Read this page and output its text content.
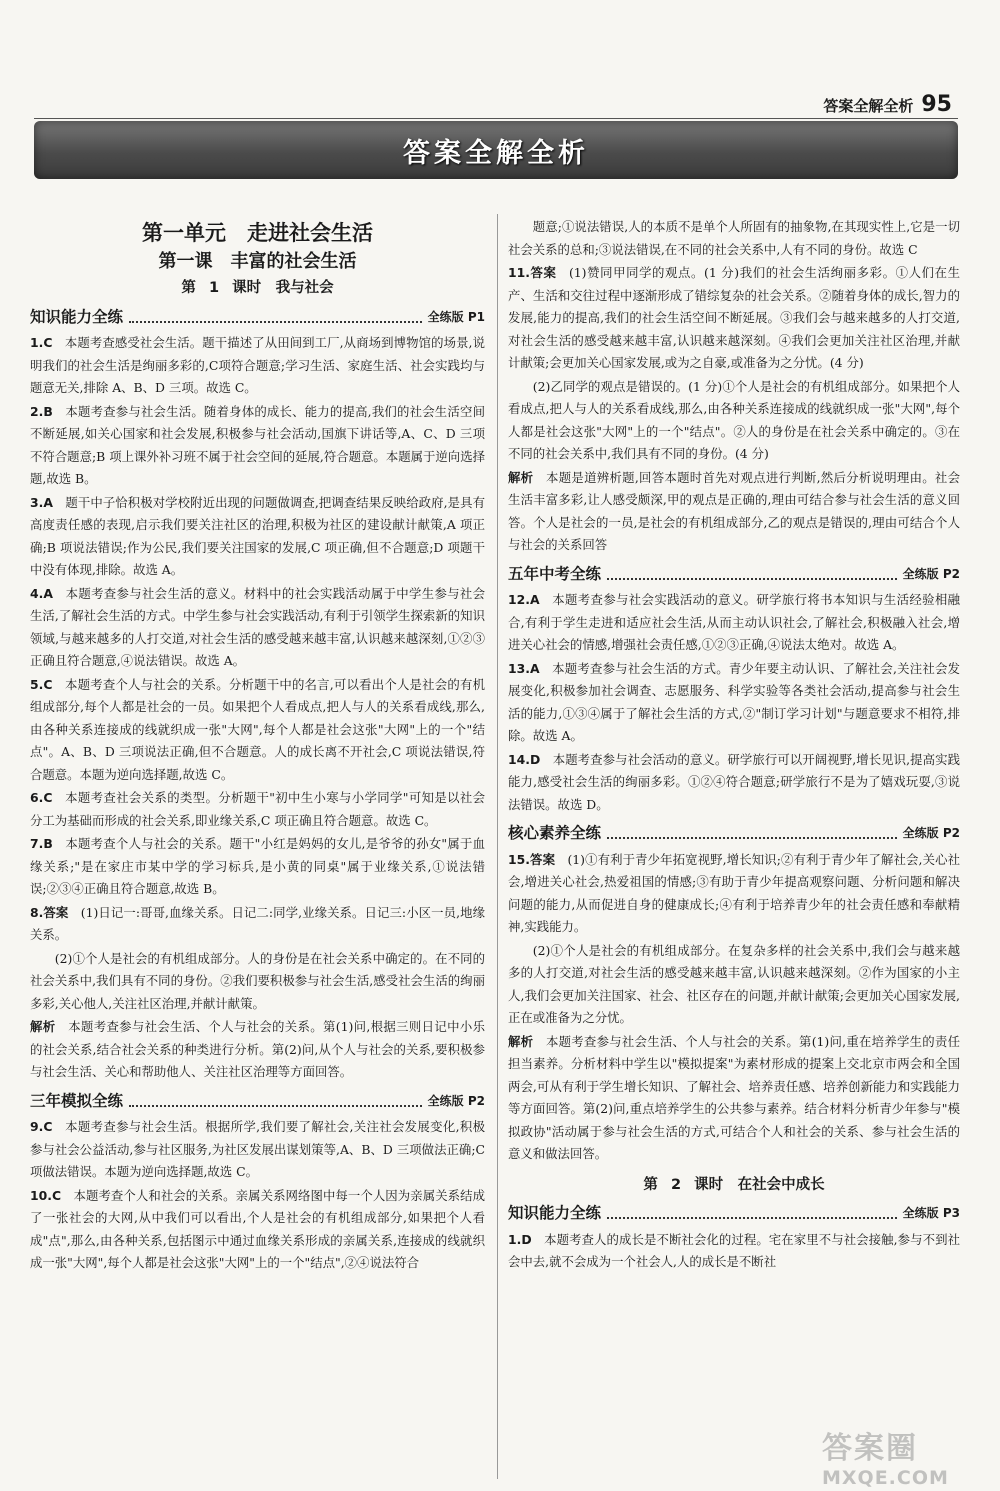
答案全解全析 95
答案全解全析
第一单元　走进社会生活
第一课　丰富的社会生活
第 1 课时　我与社会
知识能力全练	全练版 P1
1.C  本题考查感受社会生活。题干描述了从田间到工厂,从商场到博物馆的场景,说明我们的社会生活是绚丽多彩的,C项符合题意;学习生活、家庭生活、社会实践均与题意无关,排除 A、B、D 三项。故选 C。
2.B  本题考查参与社会生活。随着身体的成长、能力的提高,我们的社会生活空间不断延展,如关心国家和社会发展,积极参与社会活动,国旗下讲话等,A、C、D 三项不符合题意;B 项上课外补习班不属于社会空间的延展,符合题意。本题属于逆向选择题,故选 B。
3.A  题干中子恰积极对学校附近出现的问题做调查,把调查结果反映给政府,是具有高度责任感的表现,启示我们要关注社区的治理,积极为社区的建设献计献策,A 项正确;B 项说法错误;作为公民,我们要关注国家的发展,C 项正确,但不合题意;D 项题干中没有体现,排除。故选 A。
4.A  本题考查参与社会生活的意义。材料中的社会实践活动属于中学生参与社会生活,了解社会生活的方式。中学生参与社会实践活动,有利于引领学生探索新的知识领域,与越来越多的人打交道,对社会生活的感受越来越丰富,认识越来越深刻,①②③正确且符合题意,④说法错误。故选 A。
5.C  本题考查个人与社会的关系。分析题干中的名言,可以看出个人是社会的有机组成部分,每个人都是社会的一员。如果把个人看成点,把人与人的关系看成线,那么,由各种关系连接成的线就织成一张"大网",每个人都是社会这张"大网"上的一个"结点"。A、B、D 三项说法正确,但不合题意。人的成长离不开社会,C 项说法错误,符合题意。本题为逆向选择题,故选 C。
6.C  本题考查社会关系的类型。分析题干"初中生小寒与小学同学"可知是以社会分工为基础而形成的社会关系,即业缘关系,C 项正确且符合题意。故选 C。
7.B  本题考查个人与社会的关系。题干"小红是妈妈的女儿,是爷爷的孙女"属于血缘关系;"是在家庄市某中学的学习标兵,是小黄的同桌"属于业缘关系,①说法错误;②③④正确且符合题意,故选 B。
8.答案  (1)日记一:哥哥,血缘关系。日记二:同学,业缘关系。日记三:小区一员,地缘关系。
(2)①个人是社会的有机组成部分。人的身份是在社会关系中确定的。在不同的社会关系中,我们具有不同的身份。②我们要积极参与社会生活,感受社会生活的绚丽多彩,关心他人,关注社区治理,并献计献策。
解析  本题考查参与社会生活、个人与社会的关系。第(1)问,根据三则日记中小乐的社会关系,结合社会关系的种类进行分析。第(2)问,从个人与社会的关系,要积极参与社会生活、关心和帮助他人、关注社区治理等方面回答。
三年模拟全练	全练版 P2
9.C  本题考查参与社会生活。根据所学,我们要了解社会,关注社会发展变化,积极参与社会公益活动,参与社区服务,为社区发展出谋划策等,A、B、D 三项做法正确;C 项做法错误。本题为逆向选择题,故选 C。
10.C  本题考查个人和社会的关系。亲属关系网络图中每一个人因为亲属关系结成了一张社会的大网,从中我们可以看出,个人是社会的有机组成部分,如果把个人看成"点",那么,由各种关系,包括图示中通过血缘关系形成的亲属关系,连接成的线就织成一张"大网",每个人都是社会这张"大网"上的一个"结点",②④说法符合
题意;①说法错误,人的本质不是单个人所固有的抽象物,在其现实性上,它是一切社会关系的总和;③说法错误,在不同的社会关系中,人有不同的身份。故选 C
11.答案  (1)赞同甲同学的观点。(1 分)我们的社会生活绚丽多彩。①人们在生产、生活和交往过程中逐渐形成了错综复杂的社会关系。②随着身体的成长,智力的发展,能力的提高,我们的社会生活空间不断延展。③我们会与越来越多的人打交道,对社会生活的感受越来越丰富,认识越来越深刻。④我们会更加关注社区治理,并献计献策;会更加关心国家发展,或为之自豪,或准备为之分忧。(4 分)
(2)乙同学的观点是错误的。(1 分)①个人是社会的有机组成部分。如果把个人看成点,把人与人的关系看成线,那么,由各种关系连接成的线就织成一张"大网",每个人都是社会这张"大网"上的一个"结点"。②人的身份是在社会关系中确定的。③在不同的社会关系中,我们具有不同的身份。(4 分)
解析  本题是道辨析题,回答本题时首先对观点进行判断,然后分析说明理由。社会生活丰富多彩,让人感受颇深,甲的观点是正确的,理由可结合参与社会生活的意义回答。个人是社会的一员,是社会的有机组成部分,乙的观点是错误的,理由可结合个人与社会的关系回答
五年中考全练	全练版 P2
12.A  本题考查参与社会实践活动的意义。研学旅行将书本知识与生活经验相融合,有利于学生走进和适应社会生活,从而主动认识社会,了解社会,积极融入社会,增进关心社会的情感,增强社会责任感,①②③正确,④说法太绝对。故选 A。
13.A  本题考查参与社会生活的方式。青少年要主动认识、了解社会,关注社会发展变化,积极参加社会调查、志愿服务、科学实验等各类社会活动,提高参与社会生活的能力,①③④属于了解社会生活的方式,②"制订学习计划"与题意要求不相符,排除。故选 A。
14.D  本题考查参与社会活动的意义。研学旅行可以开阔视野,增长见识,提高实践能力,感受社会生活的绚丽多彩。①②④符合题意;研学旅行不是为了嬉戏玩耍,③说法错误。故选 D。
核心素养全练	全练版 P2
15.答案  (1)①有利于青少年拓宽视野,增长知识;②有利于青少年了解社会,关心社会,增进关心社会,热爱祖国的情感;③有助于青少年提高观察问题、分析问题和解决问题的能力,从而促进自身的健康成长;④有利于培养青少年的社会责任感和奉献精神,实践能力。
(2)①个人是社会的有机组成部分。在复杂多样的社会关系中,我们会与越来越多的人打交道,对社会生活的感受越来越丰富,认识越来越深刻。②作为国家的小主人,我们会更加关注国家、社会、社区存在的问题,并献计献策;会更加关心国家发展,正在或准备为之分忧。
解析  本题考查参与社会生活、个人与社会的关系。第(1)问,重在培养学生的责任担当素养。分析材料中学生以"模拟提案"为素材形成的提案上交北京市两会和全国两会,可从有利于学生增长知识、了解社会、培养责任感、培养创新能力和实践能力等方面回答。第(2)问,重点培养学生的公共参与素养。结合材料分析青少年参与"模拟政协"活动属于参与社会生活的方式,可结合个人和社会的关系、参与社会生活的意义和做法回答。
第 2 课时　在社会中成长
知识能力全练	全练版 P3
1.D  本题考查人的成长是不断社会化的过程。宅在家里不与社会接触,参与不到社会中去,就不会成为一个社会人,人的成长是不断社
答案圈
MXQE.COM
